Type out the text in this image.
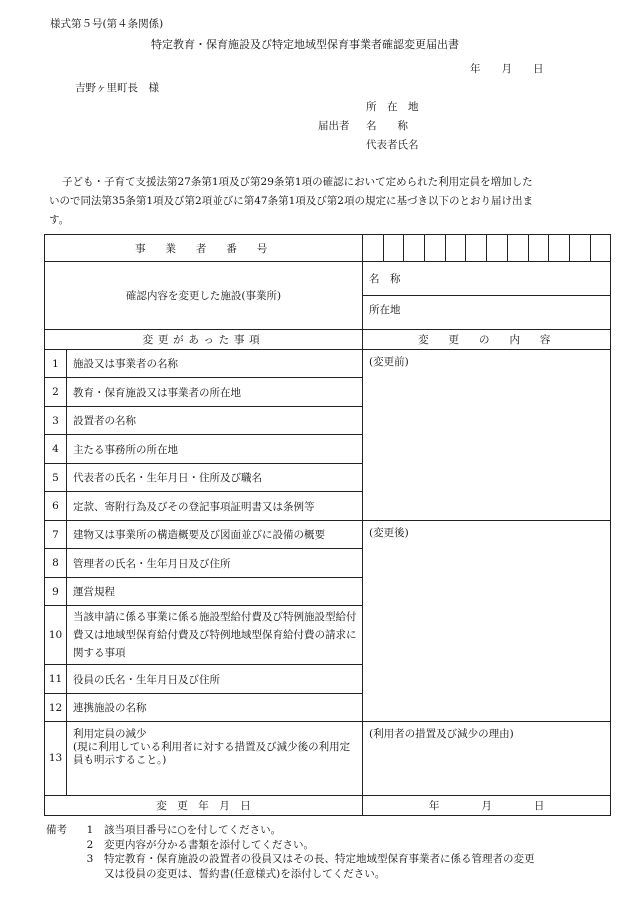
様式第５号(第４条関係)
特定教育・保育施設及び特定地域型保育事業者確認変更届出書
年　　月　　日
吉野ヶ里町長　様
所　在　地
届出者 名　　称
代表者氏名
子ども・子育て支援法第27条第1項及び第29条第1項の確認において定められた利用定員を増加した
いので同法第35条第1項及び第2項並びに第47条第1項及び第2項の規定に基づき以下のとおり届け出ま
す。
事　業　者　番　号													
確認内容を変更した施設(事業所)		名　称											
		所在地											
変更があった事項		変　更　の　内　容											
1	施設又は事業者の名称	(変更前)											
2	教育・保育施設又は事業者の所在地												
3	設置者の名称												
4	主たる事務所の所在地												
5	代表者の氏名・生年月日・住所及び職名												
6	定款、寄附行為及びその登記事項証明書又は条例等												
7	建物又は事業所の構造概要及び図面並びに設備の概要	(変更後)											
8	管理者の氏名・生年月日及び住所												
9	運営規程												
10	当該申請に係る事業に係る施設型給付費及び特例施設型給付費又は地域型保育給付費及び特例地域型保育給付費の請求に関する事項												
11	役員の氏名・生年月日及び住所												
12	連携施設の名称												
13	利用定員の減少
(現に利用している利用者に対する措置及び減少後の利用定員も明示すること。)	(利用者の措置及び減少の理由)											
変　更　年　月　日		年　　　　月　　　　日											
備考	1	該当項目番号に○を付してください。
2	変更内容が分かる書類を添付してください。
3	特定教育・保育施設の設置者の役員又はその長、特定地域型保育事業者に係る管理者の変更
又は役員の変更は、誓約書(任意様式)を添付してください。
